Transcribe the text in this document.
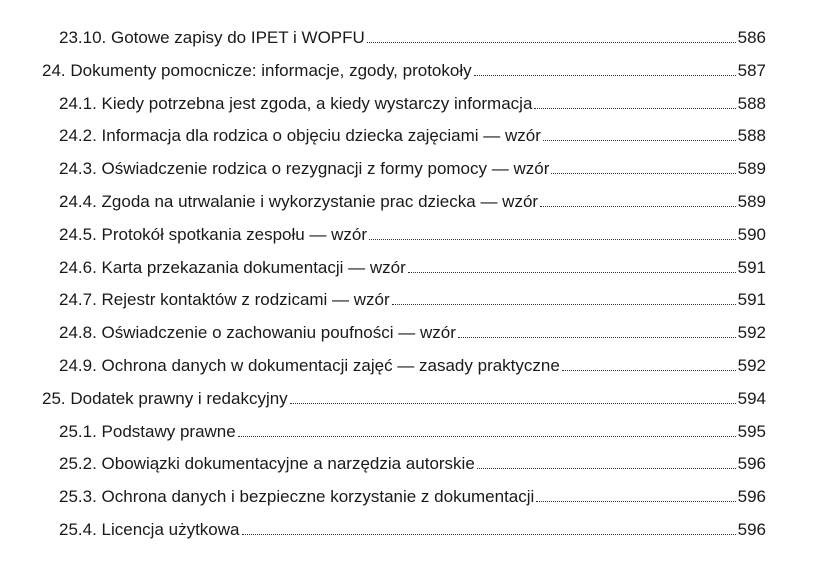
23.10. Gotowe zapisy do IPET i WOPFU	586
24. Dokumenty pomocnicze: informacje, zgody, protokoły	587
24.1. Kiedy potrzebna jest zgoda, a kiedy wystarczy informacja	588
24.2. Informacja dla rodzica o objęciu dziecka zajęciami — wzór	588
24.3. Oświadczenie rodzica o rezygnacji z formy pomocy — wzór	589
24.4. Zgoda na utrwalanie i wykorzystanie prac dziecka — wzór	589
24.5. Protokół spotkania zespołu — wzór	590
24.6. Karta przekazania dokumentacji — wzór	591
24.7. Rejestr kontaktów z rodzicami — wzór	591
24.8. Oświadczenie o zachowaniu poufności — wzór	592
24.9. Ochrona danych w dokumentacji zajęć — zasady praktyczne	592
25. Dodatek prawny i redakcyjny	594
25.1. Podstawy prawne	595
25.2. Obowiązki dokumentacyjne a narzędzia autorskie	596
25.3. Ochrona danych i bezpieczne korzystanie z dokumentacji	596
25.4. Licencja użytkowa	596
